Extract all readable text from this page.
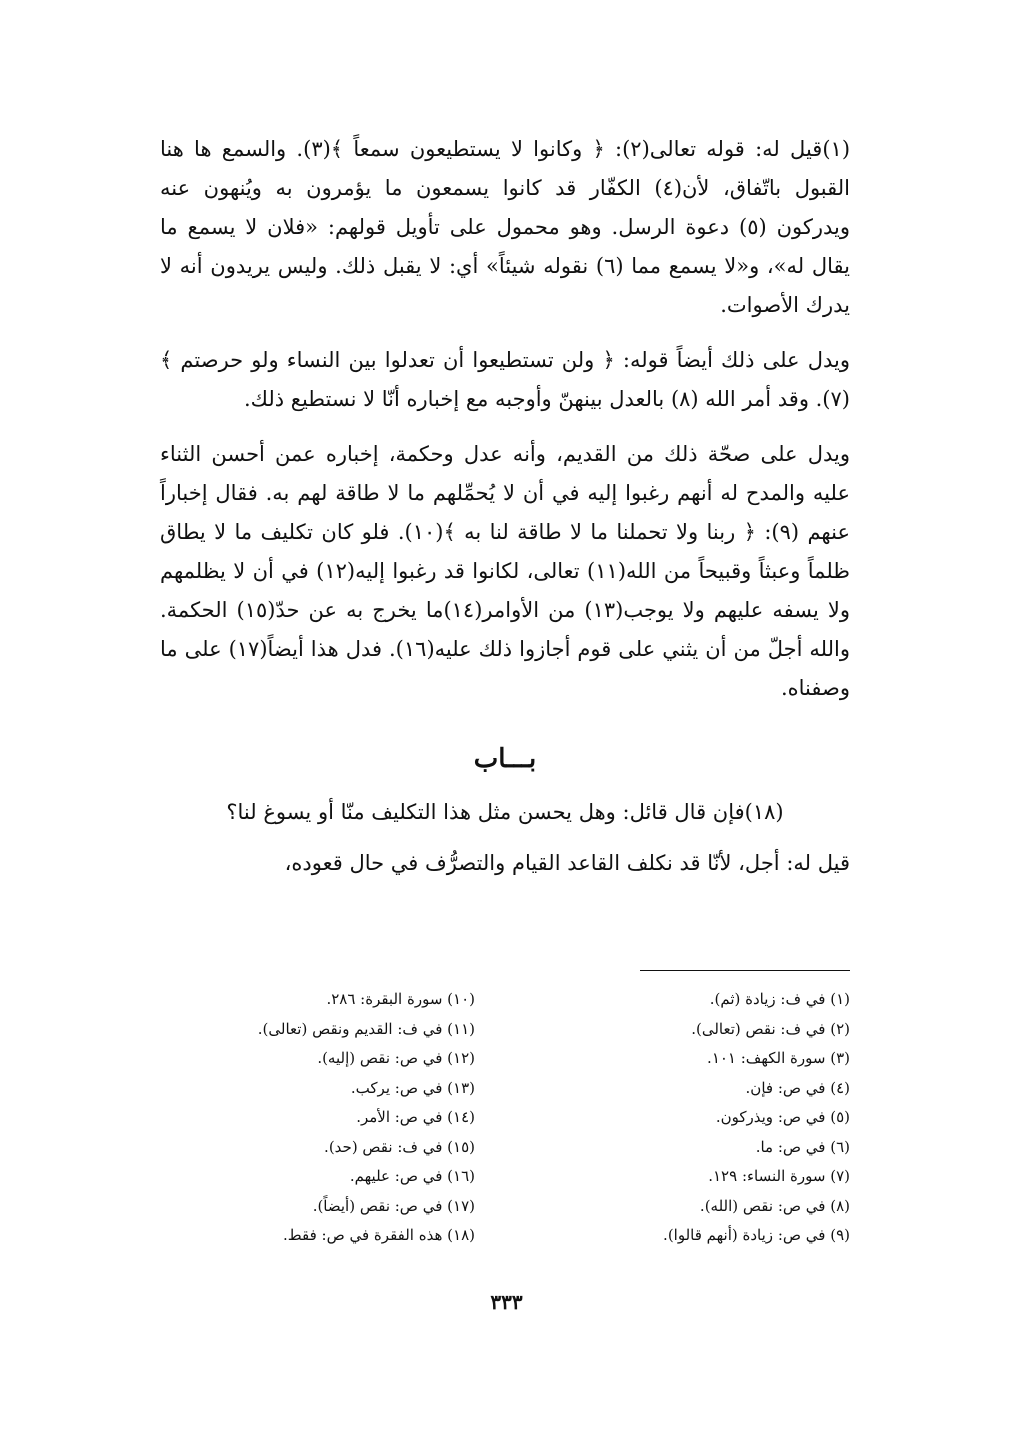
(١)قيل له: قوله تعالى(٢): ﴿ وكانوا لا يستطيعون سمعاً ﴾(٣). والسمع ها هنا القبول باتّفاق، لأن(٤) الكفّار قد كانوا يسمعون ما يؤمرون به ويُنهون عنه ويدركون (٥) دعوة الرسل. وهو محمول على تأويل قولهم: «فلان لا يسمع ما يقال له»، و«لا يسمع مما (٦) نقوله شيئاً» أي: لا يقبل ذلك. وليس يريدون أنه لا يدرك الأصوات.

ويدل على ذلك أيضاً قوله: ﴿ ولن تستطيعوا أن تعدلوا بين النساء ولو حرصتم ﴾ (٧). وقد أمر الله (٨) بالعدل بينهنّ وأوجبه مع إخباره أنّا لا نستطيع ذلك.

ويدل على صحّة ذلك من القديم، وأنه عدل وحكمة، إخباره عمن أحسن الثناء عليه والمدح له أنهم رغبوا إليه في أن لا يُحمِّلهم ما لا طاقة لهم به. فقال إخباراً عنهم (٩): ﴿ ربنا ولا تحملنا ما لا طاقة لنا به ﴾(١٠). فلو كان تكليف ما لا يطاق ظلماً وعبثاً وقبيحاً من الله(١١) تعالى، لكانوا قد رغبوا إليه(١٢) في أن لا يظلمهم ولا يسفه عليهم ولا يوجب(١٣) من الأوامر(١٤)ما يخرج به عن حدّ(١٥) الحكمة. والله أجلّ من أن يثني على قوم أجازوا ذلك عليه(١٦). فدل هذا أيضاً(١٧) على ما وصفناه.

بـــاب

(١٨)فإن قال قائل: وهل يحسن مثل هذا التكليف منّا أو يسوغ لنا؟

قيل له: أجل، لأنّا قد نكلف القاعد القيام والتصرُّف في حال قعوده،

(١) في ف: زيادة (ثم).
(٢) في ف: نقص (تعالى).
(٣) سورة الكهف: ١٠١.
(٤) في ص: فإن.
(٥) في ص: ويذركون.
(٦) في ص: ما.
(٧) سورة النساء: ١٢٩.
(٨) في ص: نقص (الله).
(٩) في ص: زيادة (أنهم قالوا).
(١٠) سورة البقرة: ٢٨٦.
(١١) في ف: القديم ونقص (تعالى).
(١٢) في ص: نقص (إليه).
(١٣) في ص: يركب.
(١٤) في ص: الأمر.
(١٥) في ف: نقص (حد).
(١٦) في ص: عليهم.
(١٧) في ص: نقص (أيضاً).
(١٨) هذه الفقرة في ص: فقط.
٣٣٣
